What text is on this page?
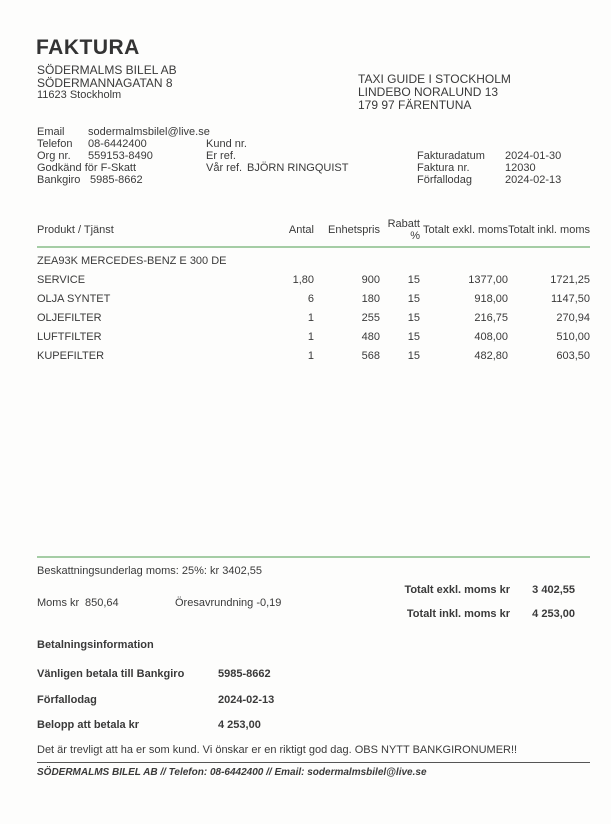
FAKTURA
SÖDERMALMS BILEL AB
SÖDERMANNAGATAN 8
11623 Stockholm
TAXI GUIDE I STOCKHOLM
LINDEBO NORALUND 13
179 97 FÄRENTUNA
Email sodermalmsbilel@live.se
Telefon 08-6442400	Kund nr.
Org nr. 559153-8490	Er ref.	Fakturadatum 2024-01-30
Godkänd för F-Skatt	Vår ref. BJÖRN RINGQUIST	Faktura nr.	12030
Bankgiro 5985-8662	Förfallodag	2024-02-13
Produkt / Tjänst	Antal	Enhetspris	Rabatt %	Totalt exkl. moms	Totalt inkl. moms
ZEA93K MERCEDES-BENZ E 300 DE					
SERVICE	1,80	900	15	1377,00	1721,25
OLJA SYNTET	6	180	15	918,00	1147,50
OLJEFILTER	1	255	15	216,75	270,94
LUFTFILTER	1	480	15	408,00	510,00
KUPEFILTER	1	568	15	482,80	603,50
Beskattningsunderlag moms: 25%: kr 3402,55
Totalt exkl. moms kr	3 402,55
Moms kr 850,64	Öresavrundning -0,19
Totalt inkl. moms kr	4 253,00
Betalningsinformation
Vänligen betala till Bankgiro	5985-8662
Förfallodag	2024-02-13
Belopp att betala kr	4 253,00
Det är trevligt att ha er som kund. Vi önskar er en riktigt god dag. OBS NYTT BANKGIRONUMER!!
SÖDERMALMS BILEL AB // Telefon: 08-6442400 // Email: sodermalmsbilel@live.se
